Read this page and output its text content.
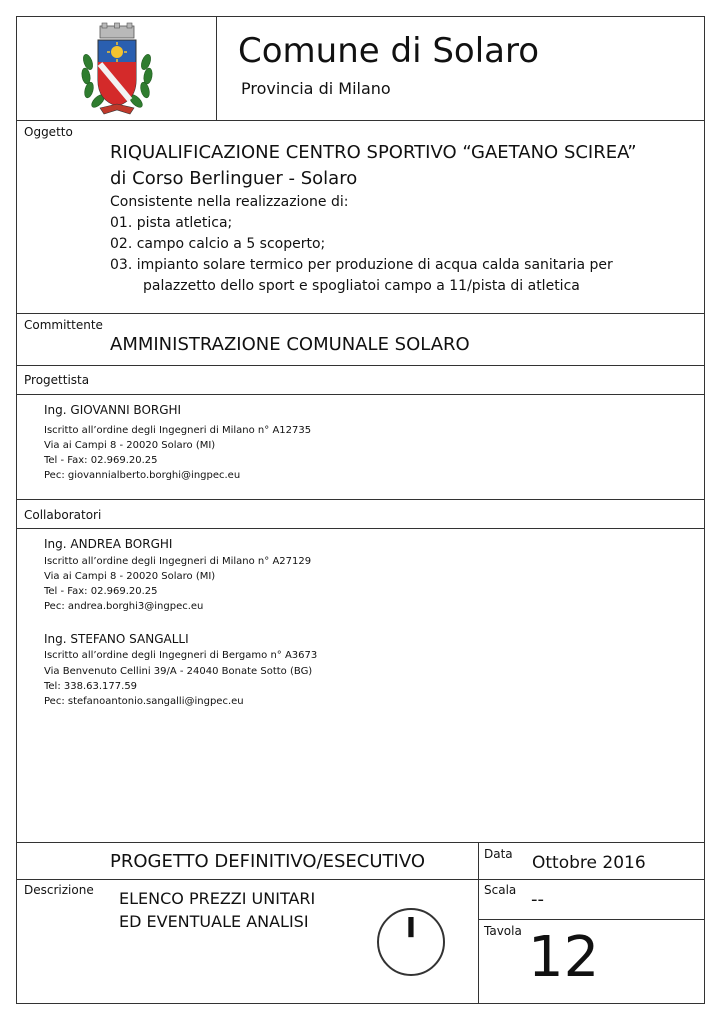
Comune di Solaro
Provincia di Milano
Oggetto
RIQUALIFICAZIONE CENTRO SPORTIVO “GAETANO SCIREA”
di Corso Berlinguer - Solaro
Consistente nella realizzazione di:
01. pista atletica;
02. campo calcio a 5 scoperto;
03. impianto solare termico per produzione di acqua calda sanitaria per
palazzetto dello sport e spogliatoi campo a 11/pista di atletica
Committente
AMMINISTRAZIONE COMUNALE SOLARO
Progettista
Ing. GIOVANNI BORGHI
Iscritto all’ordine degli Ingegneri di Milano n° A12735
Via ai Campi 8 - 20020 Solaro (MI)
Tel - Fax: 02.969.20.25
Pec: giovannialberto.borghi@ingpec.eu
Collaboratori
Ing. ANDREA BORGHI
Iscritto all’ordine degli Ingegneri di Milano n° A27129
Via ai Campi 8 - 20020 Solaro (MI)
Tel - Fax: 02.969.20.25
Pec: andrea.borghi3@ingpec.eu
Ing. STEFANO SANGALLI
Iscritto all’ordine degli Ingegneri di Bergamo n° A3673
Via Benvenuto Cellini 39/A - 24040 Bonate Sotto (BG)
Tel: 338.63.177.59
Pec: stefanoantonio.sangalli@ingpec.eu
PROGETTO DEFINITIVO/ESECUTIVO	Data Ottobre 2016
Descrizione ELENCO PREZZI UNITARI
ED EVENTUALE ANALISI	I
Scala --
Tavola 12
